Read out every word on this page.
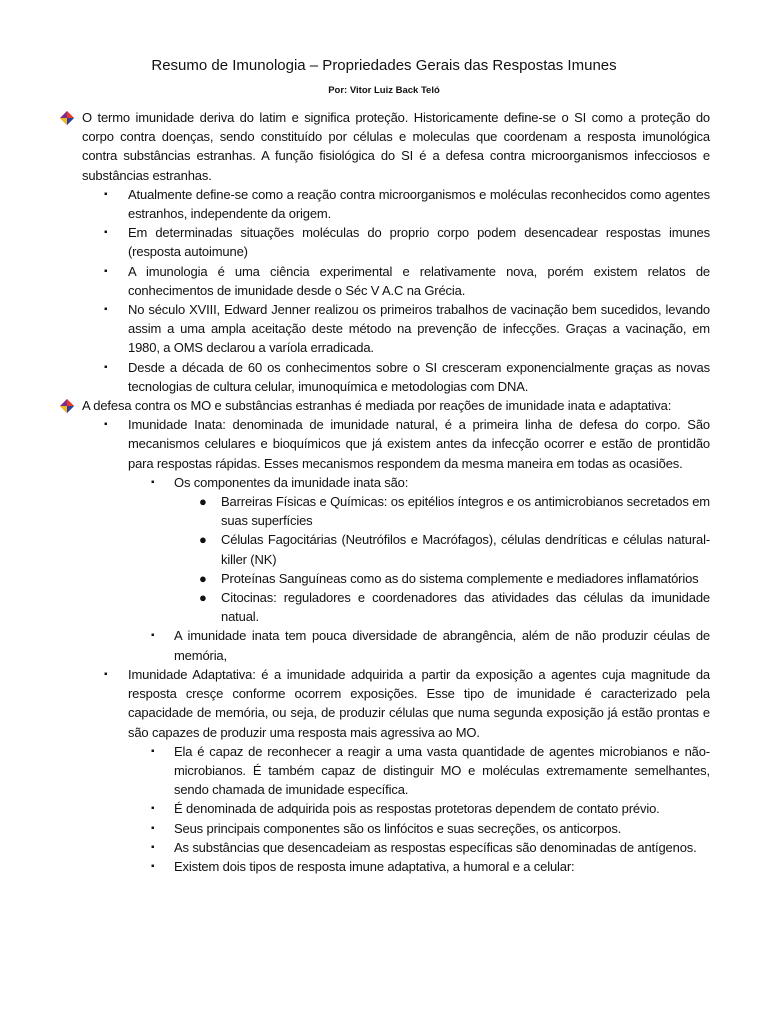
Resumo de Imunologia – Propriedades Gerais das Respostas Imunes
Por: Vitor Luiz Back Teló
O termo imunidade deriva do latim e significa proteção. Historicamente define-se o SI como a proteção do corpo contra doenças, sendo constituído por células e moleculas que coordenam a resposta imunológica contra substâncias estranhas. A função fisiológica do SI é a defesa contra microorganismos infecciosos e substâncias estranhas.
▪ Atualmente define-se como a reação contra microorganismos e moléculas reconhecidos como agentes estranhos, independente da origem.
▪ Em determinadas situações moléculas do proprio corpo podem desencadear respostas imunes (resposta autoimune)
▪ A imunologia é uma ciência experimental e relativamente nova, porém existem relatos de conhecimentos de imunidade desde o Séc V A.C na Grécia.
▪ No século XVIII, Edward Jenner realizou os primeiros trabalhos de vacinação bem sucedidos, levando assim a uma ampla aceitação deste método na prevenção de infecções. Graças a vacinação, em 1980, a OMS declarou a varíola erradicada.
▪ Desde a década de 60 os conhecimentos sobre o SI cresceram exponencialmente graças as novas tecnologias de cultura celular, imunoquímica e metodologias com DNA.
A defesa contra os MO e substâncias estranhas é mediada por reações de imunidade inata e adaptativa:
▪ Imunidade Inata: denominada de imunidade natural, é a primeira linha de defesa do corpo. São mecanismos celulares e bioquímicos que já existem antes da infecção ocorrer e estão de prontidão para respostas rápidas. Esses mecanismos respondem da mesma maneira em todas as ocasiões.
▪ Os componentes da imunidade inata são:
● Barreiras Físicas e Químicas: os epitélios íntegros e os antimicrobianos secretados em suas superfícies
● Células Fagocitárias (Neutrófilos e Macrófagos), células dendríticas e células natural-killer (NK)
● Proteínas Sanguíneas como as do sistema complemente e mediadores inflamatórios
● Citocinas: reguladores e coordenadores das atividades das células da imunidade natual.
▪ A imunidade inata tem pouca diversidade de abrangência, além de não produzir céulas de memória,
▪ Imunidade Adaptativa: é a imunidade adquirida a partir da exposição a agentes cuja magnitude da resposta cresçe conforme ocorrem exposições. Esse tipo de imunidade é caracterizado pela capacidade de memória, ou seja, de produzir células que numa segunda exposição já estão prontas e são capazes de produzir uma resposta mais agressiva ao MO.
▪ Ela é capaz de reconhecer a reagir a uma vasta quantidade de agentes microbianos e não-microbianos. É também capaz de distinguir MO e moléculas extremamente semelhantes, sendo chamada de imunidade específica.
▪ É denominada de adquirida pois as respostas protetoras dependem de contato prévio.
▪ Seus principais componentes são os linfócitos e suas secreções, os anticorpos.
▪ As substâncias que desencadeiam as respostas específicas são denominadas de antígenos.
▪ Existem dois tipos de resposta imune adaptativa, a humoral e a celular:
